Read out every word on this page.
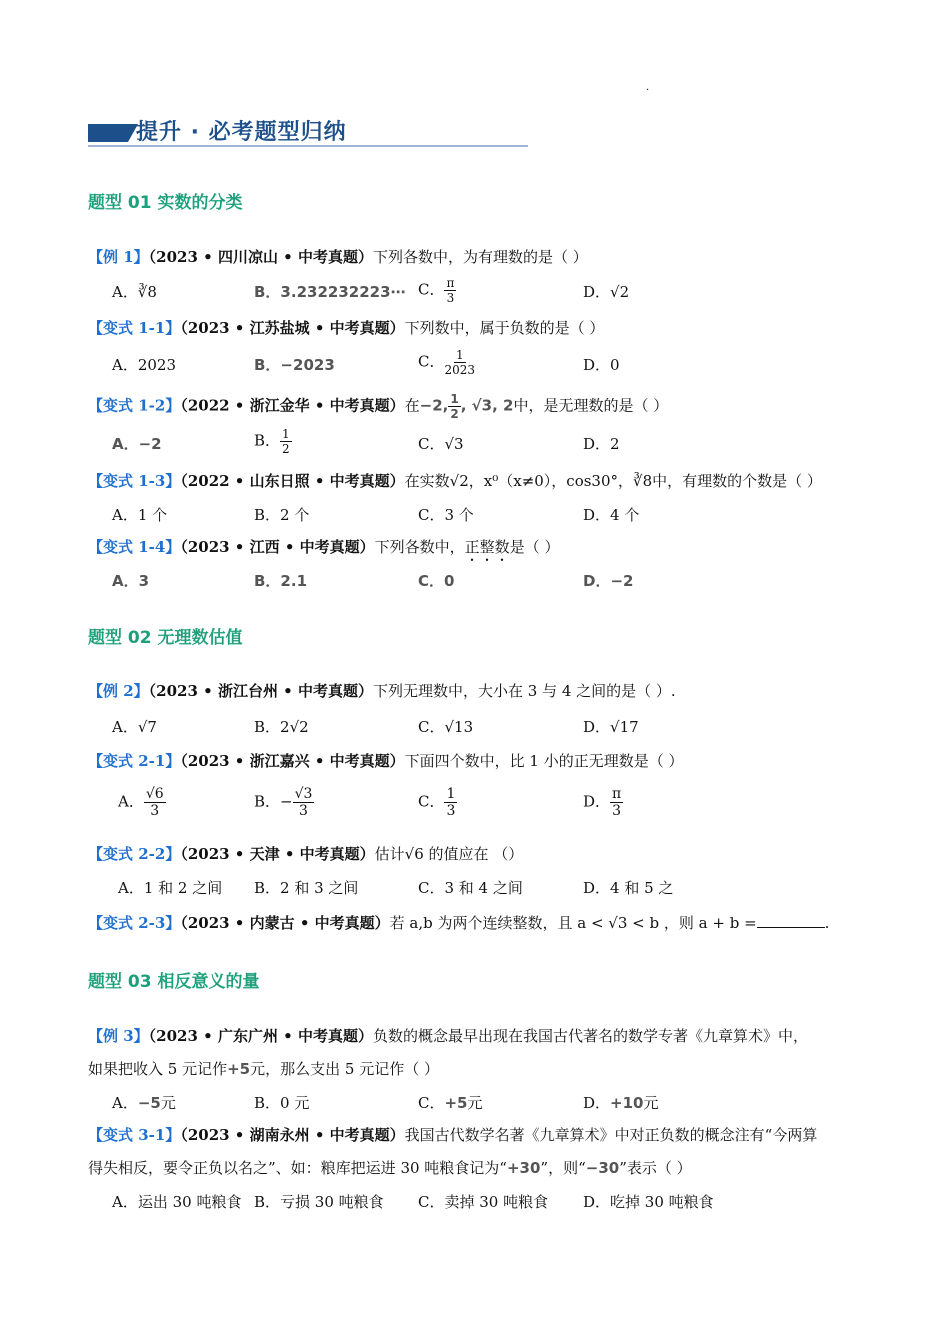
.
提升 · 必考题型归纳
题型 01 实数的分类
【例 1】（2023 • 四川凉山 • 中考真题）下列各数中，为有理数的是（ ）
A．∛8	B．3.232232223⋯ C． $\frac{\pi}{3}$	D．√2
【变式 1-1】（2023 • 江苏盐城 • 中考真题）下列数中，属于负数的是（ ）
A．2023	B．−2023	C． $\frac{1}{2023}$	D．0
【变式 1-2】（2022 • 浙江金华 • 中考真题）在−2, $\frac{1}{2}$ , √3, 2中，是无理数的是（ ）
A．−2	B． $\frac{1}{2}$	C．√3	D．2
【变式 1-3】（2022 • 山东日照 • 中考真题）在实数√2，x⁰（x≠0），cos30°，∛8中，有理数的个数是（ ）
A．1 个	B．2 个	C．3 个	D．4 个
【变式 1-4】（2023 • 江西 • 中考真题）下列各数中，正整数是（ ）
A．3	B．2.1	C．0	D．−2
题型 02 无理数估值
【例 2】（2023 • 浙江台州 • 中考真题）下列无理数中，大小在 3 与 4 之间的是（ ）.
A．√7	B．2√2	C．√13	D．√17
【变式 2-1】（2023 • 浙江嘉兴 • 中考真题）下面四个数中，比 1 小的正无理数是（ ）
A． $\frac{√6}{3}$	B．− $\frac{√3}{3}$	C． $\frac{1}{3}$	D． $\frac{\pi}{3}$
【变式 2-2】（2023 • 天津 • 中考真题）估计√6 的值应在 （）
A．1 和 2 之间 B．2 和 3 之间	C．3 和 4 之间	D．4 和 5 之
【变式 2-3】（2023 • 内蒙古 • 中考真题）若 a,b 为两个连续整数，且 a < √3 < b ，则 a + b =	.
题型 03 相反意义的量
【例 3】（2023 • 广东广州 • 中考真题）负数的概念最早出现在我国古代著名的数学专著《九章算术》中，
如果把收入 5 元记作+5元，那么支出 5 元记作（ ）
A．−5元	B．0 元	C．+5元	D．+10元
【变式 3-1】（2023 • 湖南永州 • 中考真题）我国古代数学名著《九章算术》中对正负数的概念注有“今两算
得失相反，要令正负以名之”、如：粮库把运进 30 吨粮食记为“+30”，则“−30”表示（ ）
A．运出 30 吨粮食 B．亏损 30 吨粮食 C．卖掉 30 吨粮食 D．吃掉 30 吨粮食
